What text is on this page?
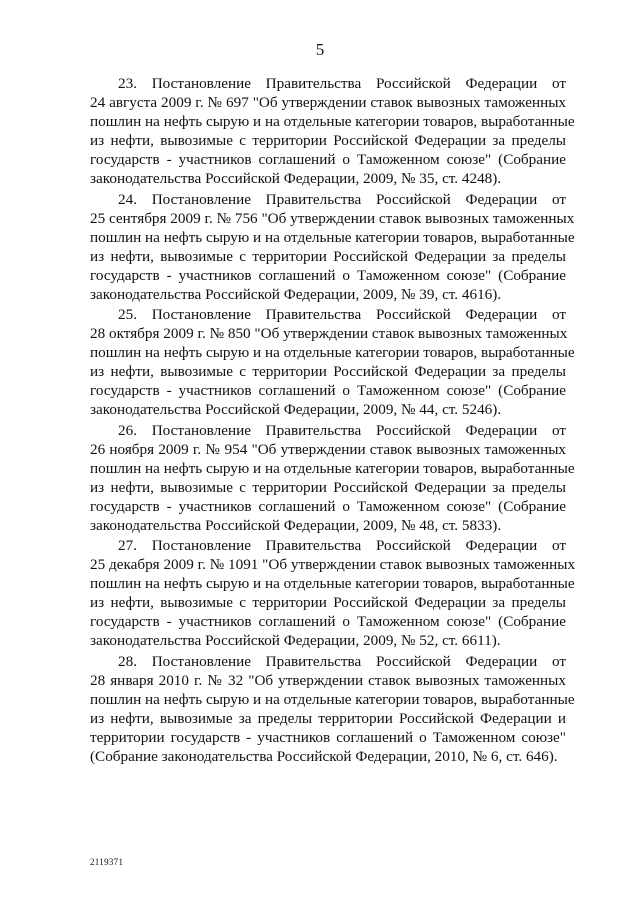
5
23. Постановление Правительства Российской Федерации от
24 августа 2009 г. № 697 "Об утверждении ставок вывозных таможенных
пошлин на нефть сырую и на отдельные категории товаров, выработанные
из нефти, вывозимые с территории Российской Федерации за пределы
государств - участников соглашений о Таможенном союзе" (Собрание
законодательства Российской Федерации, 2009, № 35, ст. 4248).
24. Постановление Правительства Российской Федерации от
25 сентября 2009 г. № 756 "Об утверждении ставок вывозных таможенных
пошлин на нефть сырую и на отдельные категории товаров, выработанные
из нефти, вывозимые с территории Российской Федерации за пределы
государств - участников соглашений о Таможенном союзе" (Собрание
законодательства Российской Федерации, 2009, № 39, ст. 4616).
25. Постановление Правительства Российской Федерации от
28 октября 2009 г. № 850 "Об утверждении ставок вывозных таможенных
пошлин на нефть сырую и на отдельные категории товаров, выработанные
из нефти, вывозимые с территории Российской Федерации за пределы
государств - участников соглашений о Таможенном союзе" (Собрание
законодательства Российской Федерации, 2009, № 44, ст. 5246).
26. Постановление Правительства Российской Федерации от
26 ноября 2009 г. № 954 "Об утверждении ставок вывозных таможенных
пошлин на нефть сырую и на отдельные категории товаров, выработанные
из нефти, вывозимые с территории Российской Федерации за пределы
государств - участников соглашений о Таможенном союзе" (Собрание
законодательства Российской Федерации, 2009, № 48, ст. 5833).
27. Постановление Правительства Российской Федерации от
25 декабря 2009 г. № 1091 "Об утверждении ставок вывозных таможенных
пошлин на нефть сырую и на отдельные категории товаров, выработанные
из нефти, вывозимые с территории Российской Федерации за пределы
государств - участников соглашений о Таможенном союзе" (Собрание
законодательства Российской Федерации, 2009, № 52, ст. 6611).
28. Постановление Правительства Российской Федерации от
28 января 2010 г. № 32 "Об утверждении ставок вывозных таможенных
пошлин на нефть сырую и на отдельные категории товаров, выработанные
из нефти, вывозимые за пределы территории Российской Федерации и
территории государств - участников соглашений о Таможенном союзе"
(Собрание законодательства Российской Федерации, 2010, № 6, ст. 646).
2119371
